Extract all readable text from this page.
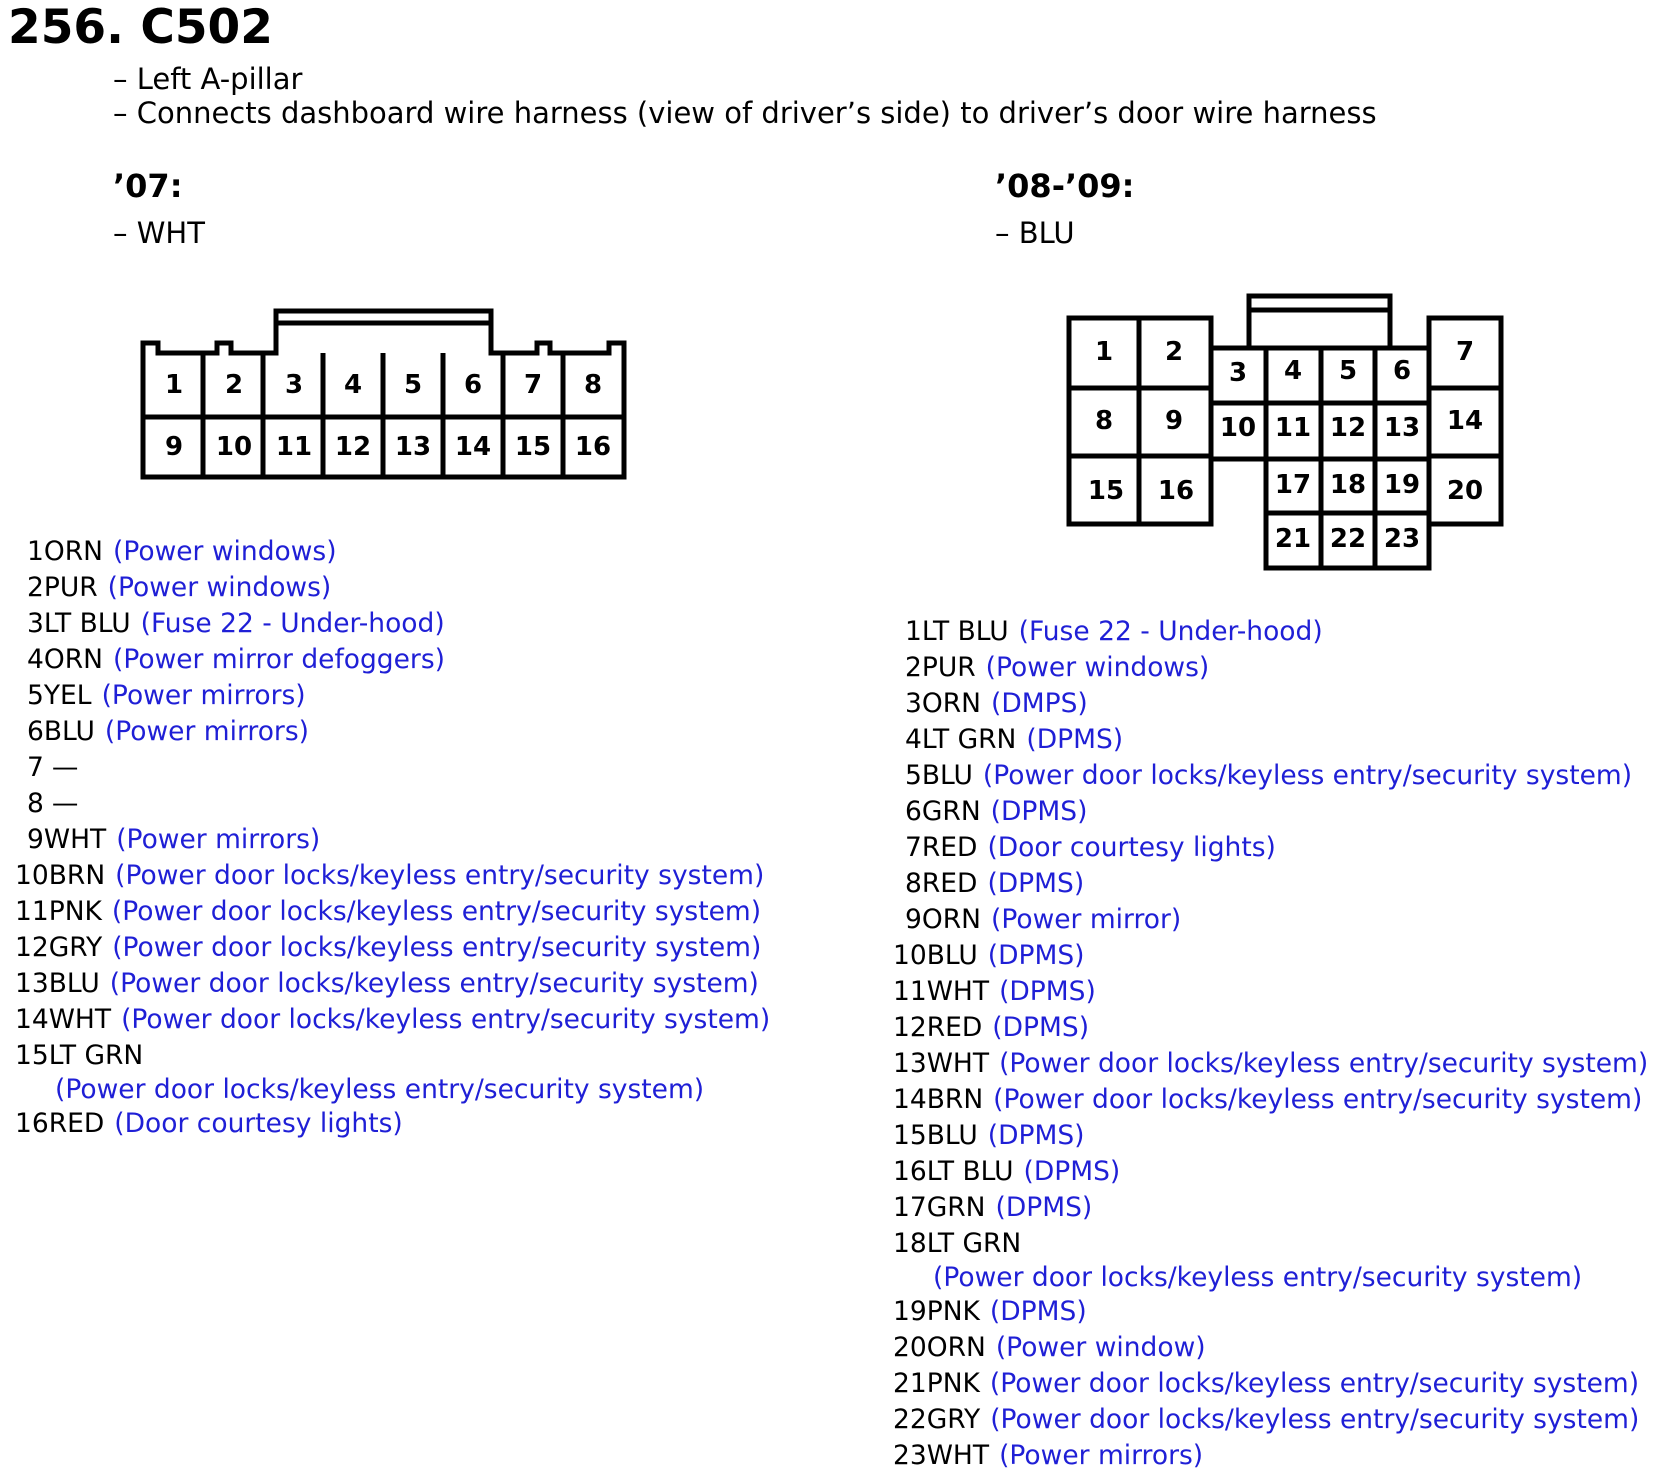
256. C502
– Left A-pillar
– Connects dashboard wire harness (view of driver’s side) to driver’s door wire harness
’07:
– WHT
1 2 3 4 5 6 7 8
9 10 11 12 13 14 15 16
1ORN (Power windows)
2PUR (Power windows)
3LT BLU (Fuse 22 - Under-hood)
4ORN (Power mirror defoggers)
5YEL (Power mirrors)
6BLU (Power mirrors)
7 —
8 —
9WHT (Power mirrors)
10BRN (Power door locks/keyless entry/security system)
11PNK (Power door locks/keyless entry/security system)
12GRY (Power door locks/keyless entry/security system)
13BLU (Power door locks/keyless entry/security system)
14WHT (Power door locks/keyless entry/security system)
15LT GRN
(Power door locks/keyless entry/security system)
16RED (Door courtesy lights)
’08-’09:
– BLU
1 2
3 4 5 6
7
8 9 10 11 12 13 14
15 16	17 18 19 20
21 22 23
1LT BLU (Fuse 22 - Under-hood)
2PUR (Power windows)
3ORN (DMPS)
4LT GRN (DPMS)
5BLU (Power door locks/keyless entry/security system)
6GRN (DPMS)
7RED (Door courtesy lights)
8RED (DPMS)
9ORN (Power mirror)
10BLU (DPMS)
11WHT (DPMS)
12RED (DPMS)
13WHT (Power door locks/keyless entry/security system)
14BRN (Power door locks/keyless entry/security system)
15BLU (DPMS)
16LT BLU (DPMS)
17GRN (DPMS)
18LT GRN
(Power door locks/keyless entry/security system)
19PNK (DPMS)
20ORN (Power window)
21PNK (Power door locks/keyless entry/security system)
22GRY (Power door locks/keyless entry/security system)
23WHT (Power mirrors)
